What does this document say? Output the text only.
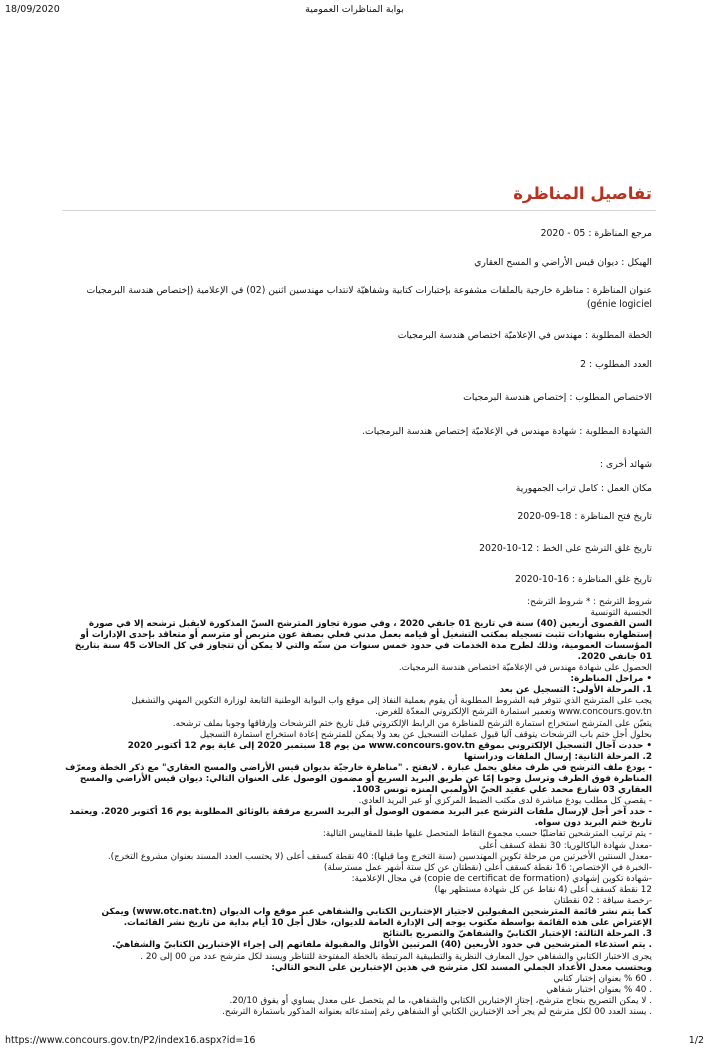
18/09/2020	بوابة المناظرات العمومية
تفاصيل المناظرة

مرجع المناظرة : 05 - 2020

الهيكل : ديوان قيس الأراضي و المسح العقاري

عنوان المناظرة : مناظرة خارجية بالملفات مشفوعة بإختبارات كتابية وشفاهيّة لانتداب مهندسين اثنين (02) في الإعلامية (إختصاص هندسة البرمجيات génie logiciel)

الخطة المطلوبة : مهندس في الإعلاميّة اختصاص هندسة البرمجيات

العدد المطلوب : 2

الاختصاص المطلوب : إختصاص هندسة البرمجيات

الشهادة المطلوبة : شهادة مهندس في الإعلاميّة إختصاص هندسة البرمجيات.

شهائد أخرى :

مكان العمل : كامل تراب الجمهورية

تاريخ فتح المناظرة : 18-09-2020

تاريخ غلق الترشح على الخط : 12-10-2020

تاريخ غلق المناظرة : 16-10-2020

شروط الترشح : * شروط الترشح:

الجنسية التونسية

السن القصوى أربعين (40) سنة في تاريخ 01 جانفي 2020 ، وفي صورة تجاوز المترشح السنّ المذكورة لايقبل ترشحه إلا في صورة إستظهاره بشهادات تثبت تسجيله بمكتب التشغيل أو قيامه بعمل مدني فعلي بصفة عون متربص أو مترسم أو متعاقد بإحدى الإدارات أو المؤسسات العمومية، وذلك لطرح مدة الخدمات في حدود خمس سنوات من سنّه والتي لا يمكن أن تتجاوز في كل الحالات 45 سنة بتاريخ 01 جانفي 2020.

الحصول على شهادة مهندس في الإعلاميّة اختصاص هندسة البرمجيات.

• مراحل المناظرة:

1. المرحلة الأولى: التسجيل عن بعد

يجب على المترشح الذي تتوفر فيه الشروط المطلوبة أن يقوم بعملية النفاذ إلى موقع واب البوابة الوطنية التابعة لوزارة التكوين المهني والتشغيل www.concours.gov.tn وتعمير استمارة الترشح الإلكتروني المعدّة للغرض.

يتعيّن على المترشح استخراج استمارة الترشح للمناظرة من الرابط الإلكتروني قبل تاريخ ختم الترشحات وإرفاقها وجوبا بملف ترشحه.

بحلول أجل ختم باب الترشحات يتوقف آليا قبول عمليات التسجيل عن بعد ولا يمكن للمترشح إعادة استخراج استمارة التسجيل

• حددت آجال التسجيل الإلكتروني بموقع www.concours.gov.tn من يوم 18 سبتمبر 2020 إلى غاية يوم 12 أكتوبر 2020

2. المرحلة الثانية: إرسال الملفات ودراستها

- يودع ملف الترشح في ظرف مغلق يحمل عبارة . لايفتح . "مناظرة خارجيّة بديوان قيس الأراضي والمسح العقاري" مع ذكر الخطة ومعرّف المناظرة فوق الظرف وترسل وجوبا إمّا عن طريق البريد السريع أو مضمون الوصول على العنوان التالي: ديوان قيس الأراضي والمسح العقاري 03 شارع محمد علي عقيد الحيّ الأولمبي المنزه تونس 1003.

- يقصى كل مطلب يودع مباشرة لدى مكتب الضبط المركزي أو عبر البريد العادي.

- حدد آخر أجل لإرسال ملفات الترشح عبر البريد مضمون الوصول أو البريد السريع مرفقة بالوثائق المطلوبة يوم 16 أكتوبر 2020. ويعتمد تاريخ ختم البريد دون سواه.

- يتم ترتيب المترشحين تفاضليّا حسب مجموع النقاط المتحصل عليها طبقا للمقاييس التالية:

-معدل شهادة الباكالوريا: 30 نقطة كسقف أعلى

-معدل السنتين الأخيرتين من مرحلة تكوين المهندسين (سنة التخرج وما قبلها): 40 نقطة كسقف أعلى (لا يحتسب العدد المسند بعنوان مشروع التخرج).

-الخبرة في الإختصاص: 16 نقطة كسقف أعلى (نقطتان عن كل ستة أشهر عمل مسترسلة)

-شهادة تكوين إشهادي (copie de certificat de formation) في مجال الإعلامية:

12 نقطة كسقف أعلى (4 نقاط عن كل شهادة مستظهر بها)

-رخصة سياقة : 02 نقطتان

كما يتم نشر قائمة المترشحين المقبولين لاجتياز الإختبارين الكتابي والشفاهي عبر موقع واب الديوان (www.otc.nat.tn) ويمكن الإعتراض على هذه القائمة بواسطة مكتوب يوجه إلى الإدارة العامة للديوان، خلال أجل 10 أيام بداية من تاريخ نشر القائمات.

3. المرحلة الثالثة: الإختبار الكتابيّ والشفاهيّ والتصريح بالنتائج

. يتم استدعاء المترشحين في حدود الأربعين (40) المرتبين الأوائل والمقبولة ملفاتهم إلى إجراء الإختبارين الكتابيّ والشفاهيّ.

يجرى الاختبار الكتابي والشفاهي حول المعارف النظرية والتطبيقية المرتبطة بالخطة المفتوحة للتناظر ويسند لكل مترشح عدد من 00 إلى 20 .

ويحتسب معدل الأعداد الجملي المسند لكل مترشح في هذين الإختبارين على النحو التالي:

. 60 % بعنوان إختبار كتابي

. 40 % بعنوان اختبار شفاهي

. لا يمكن التصريح بنجاح مترشح، إجتاز الإختبارين الكتابي والشفاهي، ما لم يتحصل على معدل يساوي أو يفوق 20/10.

. يسند العدد 00 لكل مترشح لم يجر أحد الإختبارين الكتابي أو الشفاهي رغم إستدعائه بعنوانه المذكور باستمارة الترشح.

https://www.concours.gov.tn/P2/index16.aspx?id=16	1/2
